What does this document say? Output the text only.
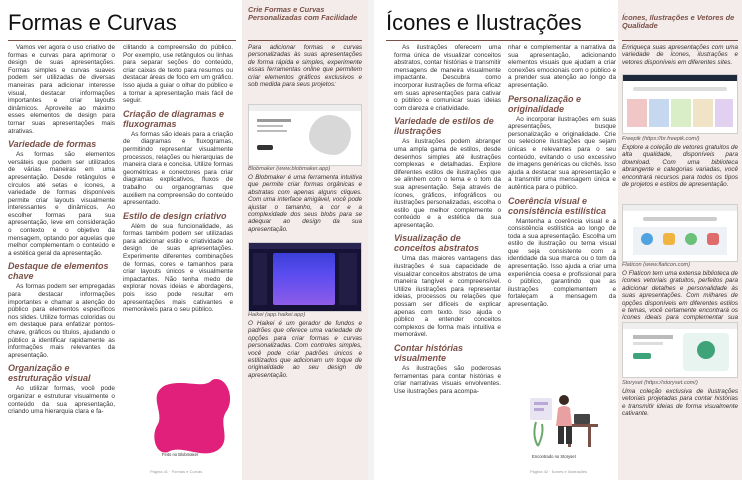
Formas e Curvas

Vamos ver agora o uso criativo de formas e curvas para aprimorar o design de suas apresentações. Formas simples e curvas suaves podem ser utilizadas de diversas maneiras para adicionar interesse visual, destacar informações importantes e criar layouts dinâmicos. Aproveite ao máximo esses elementos de design para tornar suas apresentações mais atrativas.

Variedade de formas

As formas são elementos versáteis que podem ser utilizados de várias maneiras em uma apresentação. Desde retângulos e círculos até setas e ícones, a variedade de formas disponíveis permite criar layouts visualmente interessantes e dinâmicos. Ao escolher formas para sua apresentação, leve em consideração o contexto e o objetivo da mensagem, optando por aquelas que melhor complementam o conteúdo e a estética geral da apresentação.

Destaque de elementos chave

As formas podem ser empregadas para destacar informações importantes e chamar a atenção do público para elementos específicos nos slides. Utilize formas coloridas ou em destaque para enfatizar pontos-chave, gráficos ou títulos, ajudando o público a identificar rapidamente as informações mais relevantes da apresentação.

Organização e estruturação visual

Ao utilizar formas, você pode organizar e estruturar visualmente o conteúdo da sua apresentação, criando uma hierarquia clara e fa-

cilitando a compreensão do público. Por exemplo, use retângulos ou linhas para separar seções do conteúdo, criar caixas de texto para resumos ou destacar áreas de foco em um gráfico. Isso ajuda a guiar o olhar do público e a tornar a apresentação mais fácil de seguir.

Criação de diagramas e fluxogramas

As formas são ideais para a criação de diagramas e fluxogramas, permitindo representar visualmente processos, relações ou hierarquias de maneira clara e concisa. Utilize formas geométricas e conectores para criar diagramas explicativos, fluxos de trabalho ou organogramas que auxiliem na compreensão do conteúdo apresentado.

Estilo de design criativo

Além de sua funcionalidade, as formas também podem ser utilizadas para adicionar estilo e criatividade ao design de suas apresentações. Experimente diferentes combinações de formas, cores e tamanhos para criar layouts únicos e visualmente impactantes. Não tenha medo de explorar novas ideias e abordagens, pois isso pode resultar em apresentações mais cativantes e memoráveis para o seu público.

Feito no Blobmaker
Crie Formas e Curvas Personalizadas com Facilidade
Para adicionar formas e curvas personalizadas às suas apresentações de forma rápida e simples, experimente essas ferramentas online que permitem criar elementos gráficos exclusivos e sob medida para seus projetos:
Blobmaker (www.blobmaker.app)
O Blobmaker é uma ferramenta intuitiva que permite criar formas orgânicas e abstratas com apenas alguns cliques. Com uma interface amigável, você pode ajustar o tamanho, a cor e a complexidade dos seus blobs para se adequar ao design da sua apresentação.
Haikei (app.haikei.app)
O Haikei é um gerador de fundos e padrões que oferece uma variedade de opções para criar formas e curvas personalizadas. Com controles simples, você pode criar padrões únicos e estilizados que adicionam um toque de originalidade ao seu design de apresentação.
Página 41 · Formas e Curvas
Ícones e Ilustrações

As ilustrações oferecem uma forma única de visualizar conceitos abstratos, contar histórias e transmitir mensagens de maneira visualmente impactante. Descubra como incorporar ilustrações de forma eficaz em suas apresentações para cativar o público e comunicar suas ideias com clareza e criatividade.

Variedade de estilos de ilustrações

As ilustrações podem abranger uma ampla gama de estilos, desde desenhos simples até ilustrações complexas e detalhadas. Explore diferentes estilos de ilustrações que se alinhem com o tema e o tom da sua apresentação. Seja através de ícones, gráficos, infográficos ou ilustrações personalizadas, escolha o estilo que melhor complemente o conteúdo e a estética da sua apresentação.

Visualização de conceitos abstratos

Uma das maiores vantagens das ilustrações é sua capacidade de visualizar conceitos abstratos de uma maneira tangível e compreensível. Utilize ilustrações para representar ideias, processos ou relações que possam ser difíceis de explicar apenas com texto. Isso ajuda o público a entender conceitos complexos de forma mais intuitiva e memorável.

Contar histórias visualmente

As ilustrações são poderosas ferramentas para contar histórias e criar narrativas visuais envolventes. Use ilustrações para acompa-

nhar e complementar a narrativa da sua apresentação, adicionando elementos visuais que ajudam a criar conexões emocionais com o público e a prender sua atenção ao longo da apresentação.

Personalização e originalidade

Ao incorporar ilustrações em suas apresentações, busque personalização e originalidade. Crie ou selecione ilustrações que sejam únicas e relevantes para o seu conteúdo, evitando o uso excessivo de imagens genéricas ou clichês. Isso ajuda a destacar sua apresentação e a transmitir uma mensagem única e autêntica para o público.

Coerência visual e consistência estilística

Mantenha a coerência visual e a consistência estilística ao longo de toda a sua apresentação. Escolha um estilo de ilustração ou tema visual que seja consistente com a identidade da sua marca ou o tom da apresentação. Isso ajuda a criar uma experiência coesa e profissional para o público, garantindo que as ilustrações complementem e fortaleçam a mensagem da apresentação.

Encontrado no Storyset
Ícones, Ilustrações e Vetores de Qualidade
Enriqueça suas apresentações com uma variedade de ícones, ilustrações e vetores disponíveis em diferentes sites.
Freepik (https://br.freepik.com/)
Explore a coleção de vetores gratuitos de alta qualidade, disponíveis para download. Com uma biblioteca abrangente e categorias variadas, você encontrará recursos para todos os tipos de projetos e estilos de apresentação.
Flaticon (www.flaticon.com)
O Flaticon tem uma extensa biblioteca de ícones vetoriais gratuitos, perfeitos para adicionar detalhes e personalidade às suas apresentações. Com milhares de opções disponíveis em diferentes estilos e temas, você certamente encontrará os ícones ideais para complementar sua
Storyset (https://storyset.com/)
Uma coleção exclusiva de ilustrações vetoriais projetadas para contar histórias e transmitir ideias de forma visualmente cativante.
Página 42 · Ícones e Ilustrações
